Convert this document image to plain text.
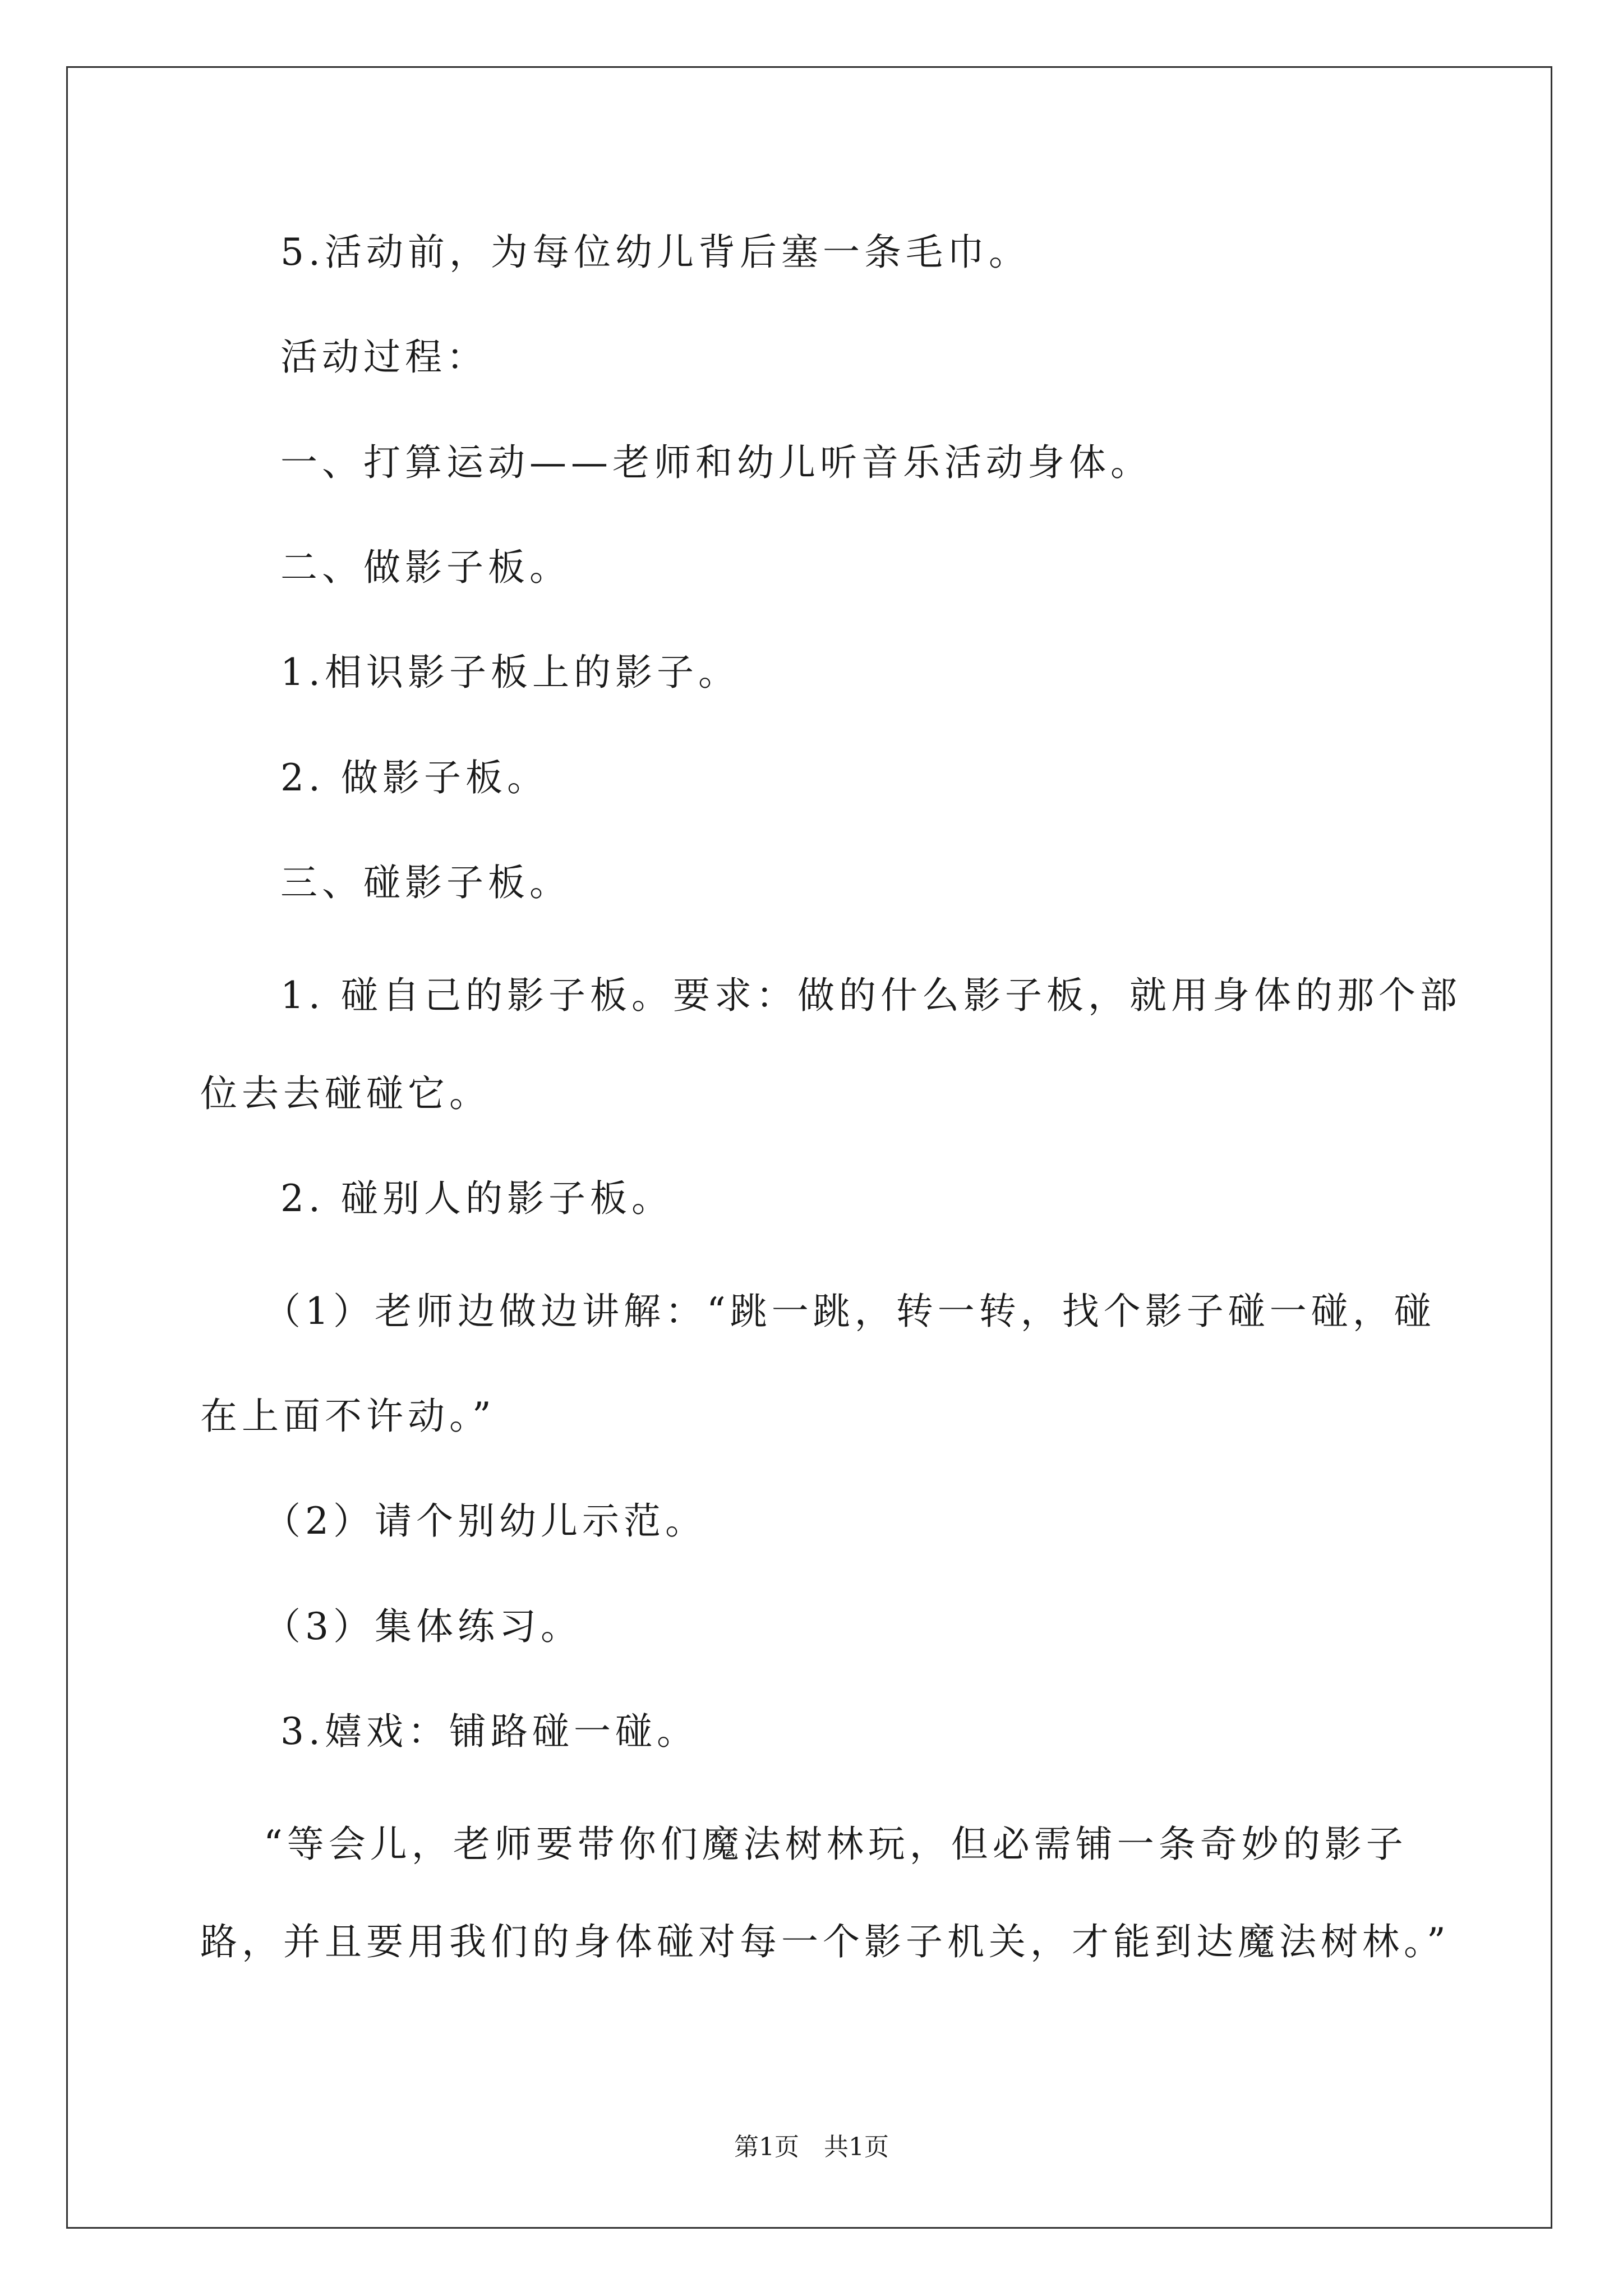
5.活动前，为每位幼儿背后塞一条毛巾。
活动过程：
一、打算运动——老师和幼儿听音乐活动身体。
二、做影子板。
1.相识影子板上的影子。
2. 做影子板。
三、碰影子板。
1. 碰自己的影子板。要求：做的什么影子板，就用身体的那个部
位去去碰碰它。
2. 碰别人的影子板。
（1）老师边做边讲解：“跳一跳，转一转，找个影子碰一碰，碰
在上面不许动。”
（2）请个别幼儿示范。
（3）集体练习。
3.嬉戏：铺路碰一碰。
“等会儿，老师要带你们魔法树林玩，但必需铺一条奇妙的影子
路，并且要用我们的身体碰对每一个影子机关，才能到达魔法树林。”
第1页　共1页
